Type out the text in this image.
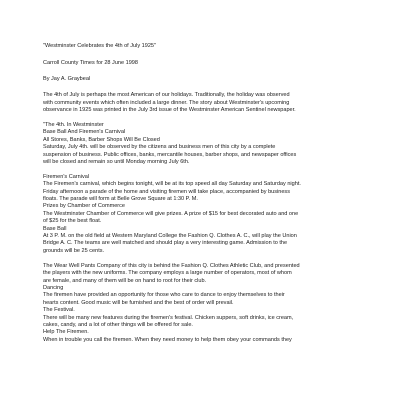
"Westminster Celebrates the 4th of July 1925"
Carroll County Times for 28 June 1998
By Jay A. Graybeal
The 4th of July is perhaps the most American of our holidays. Traditionally, the holiday was observed
with community events which often included a large dinner. The story about Westminster's upcoming
observance in 1925 was printed in the July 3rd issue of the Westminster American Sentinel newspaper.
"The 4th. In Westminster
Base Ball And Firemen's Carnival
All Stores, Banks, Barber Shops Will Be Closed
Saturday, July 4th. will be observed by the citizens and business men of this city by a complete
suspension of business. Public offices, banks, mercantile houses, barber shops, and newspaper offices
will be closed and remain so until Monday morning July 6th.
Firemen's Carnival
The Firemen's carnival, which begins tonight, will be at its top speed all day Saturday and Saturday night.
Friday afternoon a parade of the home and visiting firemen will take place, accompanied by business
floats. The parade will form at Belle Grove Square at 1:30 P. M.
Prizes by Chamber of Commerce
The Westminster Chamber of Commerce will give prizes. A prize of $15 for best decorated auto and one
of $25 for the best float.
Base Ball
At 3 P. M. on the old field at Western Maryland College the Fashion Q. Clothes A. C., will play the Union
Bridge A. C. The teams are well matched and should play a very interesting game. Admission to the
grounds will be 25 cents.
The Wear Well Pants Company of this city is behind the Fashion Q. Clothes Athletic Club, and presented
the players with the new uniforms. The company employs a large number of operators, most of whom
are female, and many of them will be on hand to root for their club.
Dancing
The firemen have provided an opportunity for those who care to dance to enjoy themselves to their
hearts content. Good music will be furnished and the best of order will prevail.
The Festival.
There will be many new features during the firemen's festival. Chicken suppers, soft drinks, ice cream,
cakes, candy, and a lot of other things will be offered for sale.
Help The Firemen.
When in trouble you call the firemen. When they need money to help them obey your commands they
